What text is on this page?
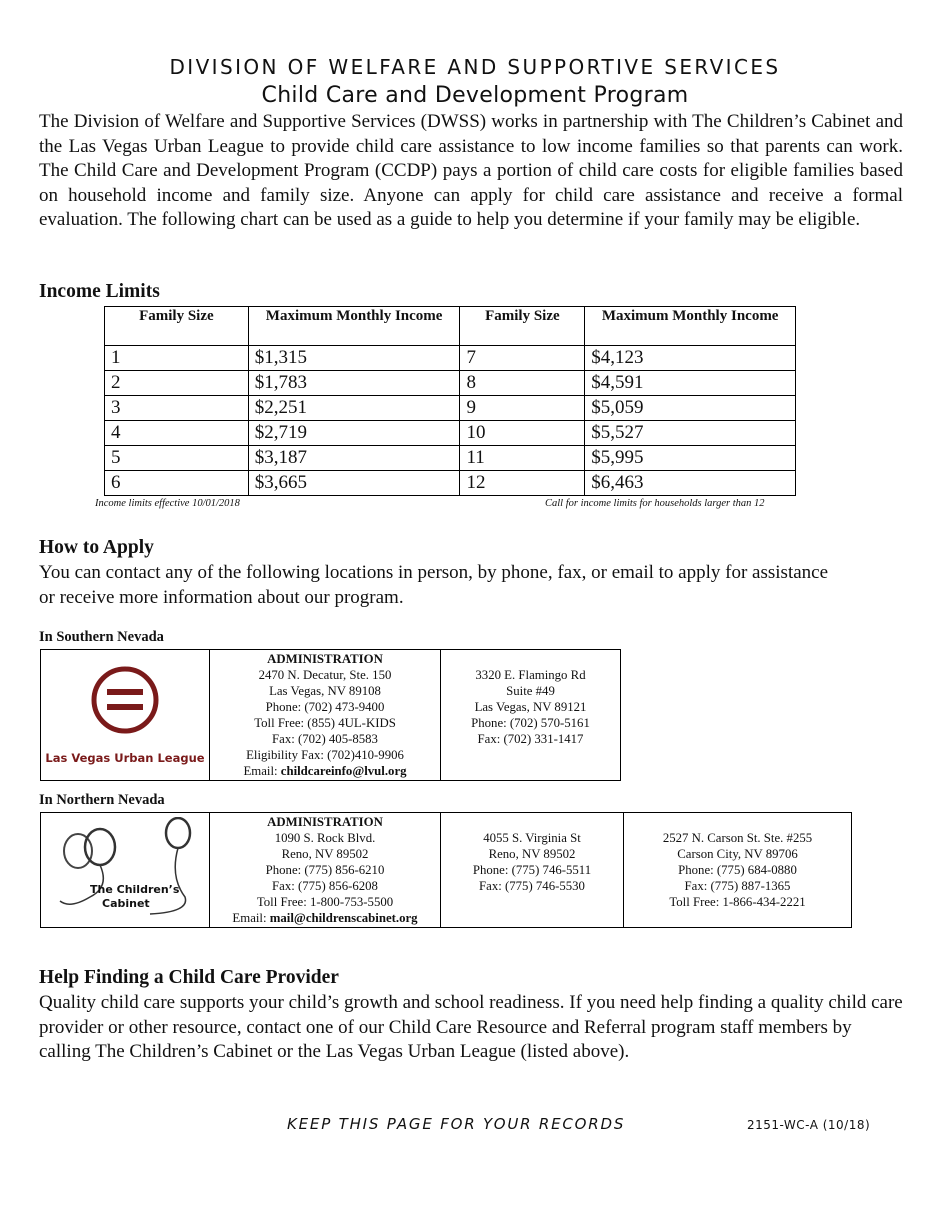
DIVISION OF WELFARE AND SUPPORTIVE SERVICES
Child Care and Development Program
The Division of Welfare and Supportive Services (DWSS) works in partnership with The Children’s Cabinet and the Las Vegas Urban League to provide child care assistance to low income families so that parents can work. The Child Care and Development Program (CCDP) pays a portion of child care costs for eligible families based on household income and family size. Anyone can apply for child care assistance and receive a formal evaluation. The following chart can be used as a guide to help you determine if your family may be eligible.
Income Limits
Family Size	Maximum Monthly Income	Family Size	Maximum Monthly Income
1	$1,315	7	$4,123
2	$1,783	8	$4,591
3	$2,251	9	$5,059
4	$2,719	10	$5,527
5	$3,187	11	$5,995
6	$3,665	12	$6,463
Income limits effective 10/01/2018	Call for income limits for households larger than 12
How to Apply
You can contact any of the following locations in person, by phone, fax, or email to apply for assistance or receive more information about our program.
In Southern Nevada
Las Vegas Urban League
	ADMINISTRATION
2470 N. Decatur, Ste. 150
Las Vegas, NV 89108
Phone: (702) 473-9400
Toll Free: (855) 4UL-KIDS
Fax: (702) 405-8583
Eligibility Fax: (702)410-9906
Email: childcareinfo@lvul.org

3320 E. Flamingo Rd
Suite #49
Las Vegas, NV 89121
Phone: (702) 570-5161
Fax: (702) 331-1417
In Northern Nevada
The Children’s
Cabinet
	ADMINISTRATION
1090 S. Rock Blvd.
Reno, NV 89502
Phone: (775) 856-6210
Fax: (775) 856-6208
Toll Free: 1-800-753-5500
Email: mail@childrenscabinet.org

4055 S. Virginia St
Reno, NV 89502
Phone: (775) 746-5511
Fax: (775) 746-5530

2527 N. Carson St. Ste. #255
Carson City, NV 89706
Phone: (775) 684-0880
Fax: (775) 887-1365
Toll Free: 1-866-434-2221
Help Finding a Child Care Provider
Quality child care supports your child’s growth and school readiness. If you need help finding a quality child care provider or other resource, contact one of our Child Care Resource and Referral program staff members by calling The Children’s Cabinet or the Las Vegas Urban League (listed above).
KEEP THIS PAGE FOR YOUR RECORDS	2151-WC-A (10/18)
